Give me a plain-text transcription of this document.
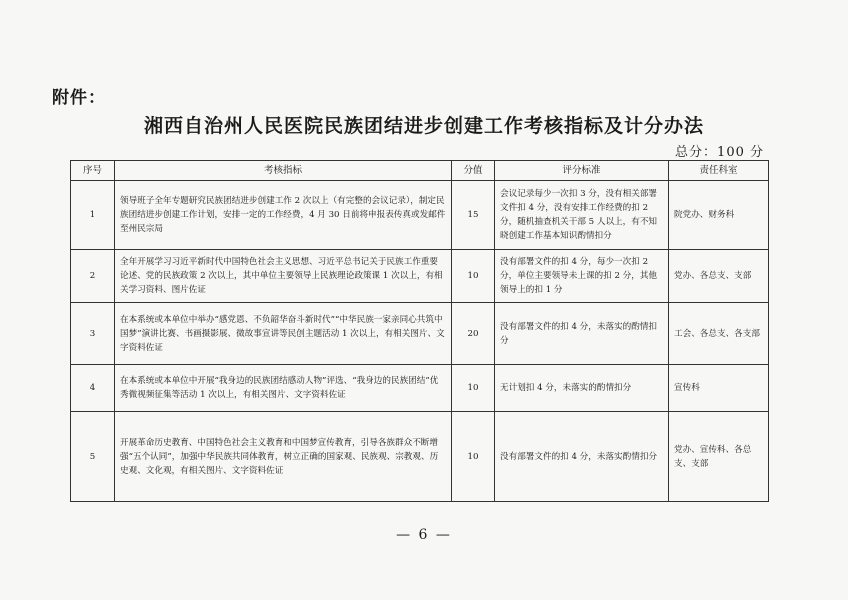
附件：
湘西自治州人民医院民族团结进步创建工作考核指标及计分办法
总分：100 分
序号	考核指标	分值	评分标准	责任科室
1	领导班子全年专题研究民族团结进步创建工作 2 次以上（有完整的会议记录），制定民族团结进步创建工作计划，安排一定的工作经费，4 月 30 日前将申报表传真或发邮件至州民宗局	15	会议记录每少一次扣 3 分，没有相关部署文件扣 4 分，没有安排工作经费的扣 2 分，随机抽查机关干部 5 人以上，有不知晓创建工作基本知识酌情扣分	院党办、财务科
2	全年开展学习习近平新时代中国特色社会主义思想、习近平总书记关于民族工作重要论述、党的民族政策 2 次以上，其中单位主要领导上民族理论政策课 1 次以上，有相关学习资料、图片佐证	10	没有部署文件的扣 4 分，每少一次扣 2 分，单位主要领导未上课的扣 2 分，其他领导上的扣 1 分	党办、各总支、支部
3	在本系统或本单位中举办“感党恩、不负韶华奋斗新时代”“中华民族一家亲同心共筑中国梦”演讲比赛、书画摄影展、微故事宣讲等民创主题活动 1 次以上，有相关图片、文字资料佐证	20	没有部署文件的扣 4 分，未落实的酌情扣分	工会、各总支、各支部
4	在本系统或本单位中开展“我身边的民族团结感动人物”评选、“我身边的民族团结”优秀微视频征集等活动 1 次以上，有相关图片、文字资料佐证	10	无计划扣 4 分，未落实的酌情扣分	宣传科
5	开展革命历史教育、中国特色社会主义教育和中国梦宣传教育，引导各族群众不断增强“五个认同”，加强中华民族共同体教育，树立正确的国家观、民族观、宗教观、历史观、文化观，有相关图片、文字资料佐证	10	没有部署文件的扣 4 分，未落实酌情扣分	党办、宣传科、各总支、支部
— 6 —
